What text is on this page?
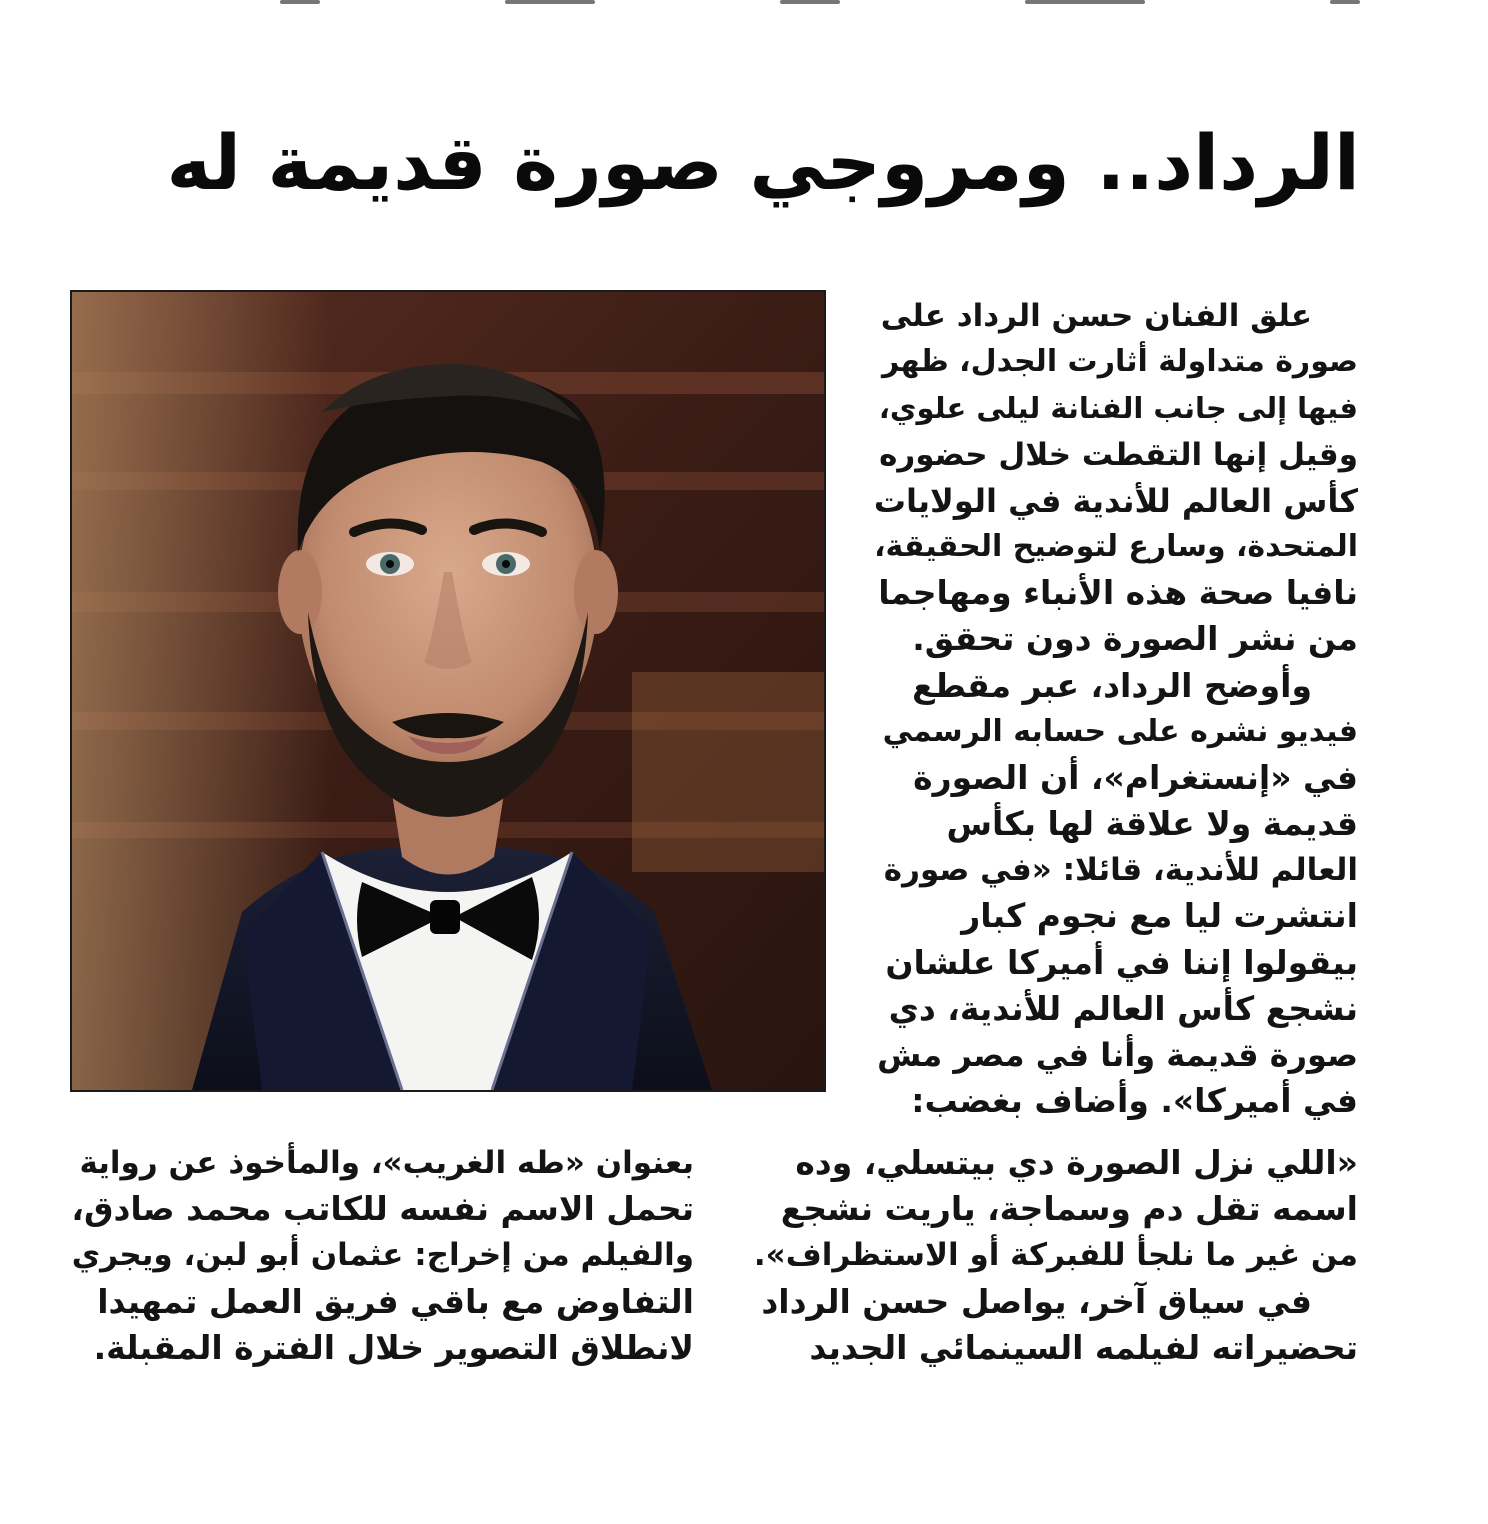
الرداد.. ومروجي صورة قديمة له
علق الفنان حسن الرداد على
صورة متداولة أثارت الجدل، ظهر
فيها إلى جانب الفنانة ليلى علوي،
وقيل إنها التقطت خلال حضوره
كأس العالم للأندية في الولايات
المتحدة، وسارع لتوضيح الحقيقة،
نافيا صحة هذه الأنباء ومهاجما
من نشر الصورة دون تحقق.
وأوضح الرداد، عبر مقطع
فيديو نشره على حسابه الرسمي
في «إنستغرام»، أن الصورة
قديمة ولا علاقة لها بكأس
العالم للأندية، قائلا: «في صورة
انتشرت ليا مع نجوم كبار
بيقولوا إننا في أميركا علشان
نشجع كأس العالم للأندية، دي
صورة قديمة وأنا في مصر مش
في أميركا». وأضاف بغضب:
«اللي نزل الصورة دي بيتسلي، وده
اسمه تقل دم وسماجة، ياريت نشجع
من غير ما نلجأ للفبركة أو الاستظراف».
في سياق آخر، يواصل حسن الرداد
تحضيراته لفيلمه السينمائي الجديد
بعنوان «طه الغريب»، والمأخوذ عن رواية
تحمل الاسم نفسه للكاتب محمد صادق،
والفيلم من إخراج: عثمان أبو لبن، ويجري
التفاوض مع باقي فريق العمل تمهيدا
لانطلاق التصوير خلال الفترة المقبلة.
